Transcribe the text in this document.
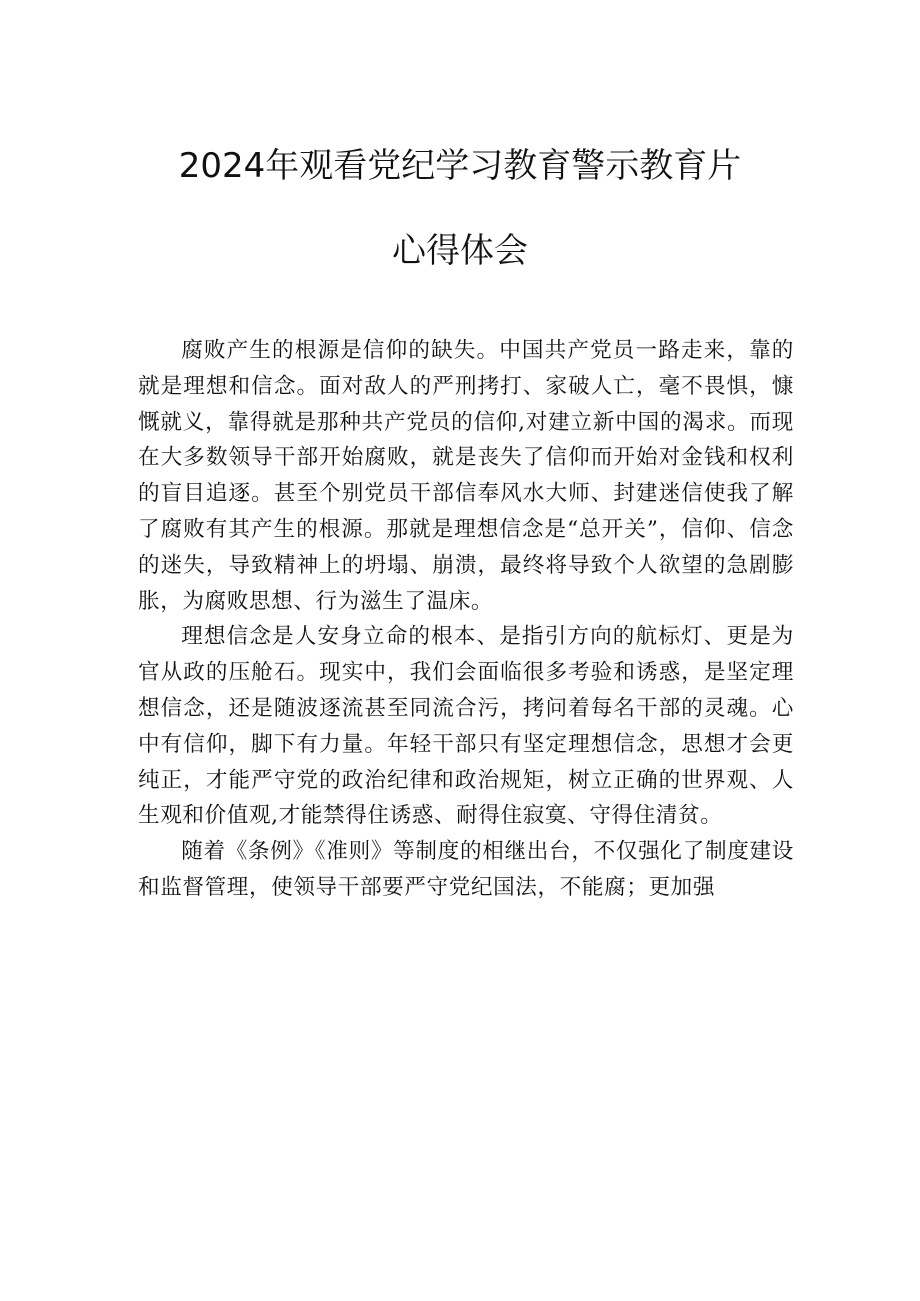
2024年观看党纪学习教育警示教育片
心得体会

腐败产生的根源是信仰的缺失。中国共产党员一路走来，靠的就是理想和信念。面对敌人的严刑拷打、家破人亡，毫不畏惧，慷慨就义，靠得就是那种共产党员的信仰,对建立新中国的渴求。而现在大多数领导干部开始腐败，就是丧失了信仰而开始对金钱和权利的盲目追逐。甚至个别党员干部信奉风水大师、封建迷信使我了解了腐败有其产生的根源。那就是理想信念是“总开关”，信仰、信念的迷失，导致精神上的坍塌、崩溃，最终将导致个人欲望的急剧膨胀，为腐败思想、行为滋生了温床。

理想信念是人安身立命的根本、是指引方向的航标灯、更是为官从政的压舱石。现实中，我们会面临很多考验和诱惑，是坚定理想信念，还是随波逐流甚至同流合污，拷问着每名干部的灵魂。心中有信仰，脚下有力量。年轻干部只有坚定理想信念，思想才会更纯正，才能严守党的政治纪律和政治规矩，树立正确的世界观、人生观和价值观,才能禁得住诱惑、耐得住寂寞、守得住清贫。

随着《条例》《准则》等制度的相继出台，不仅强化了制度建设和监督管理，使领导干部要严守党纪国法，不能腐；更加强
